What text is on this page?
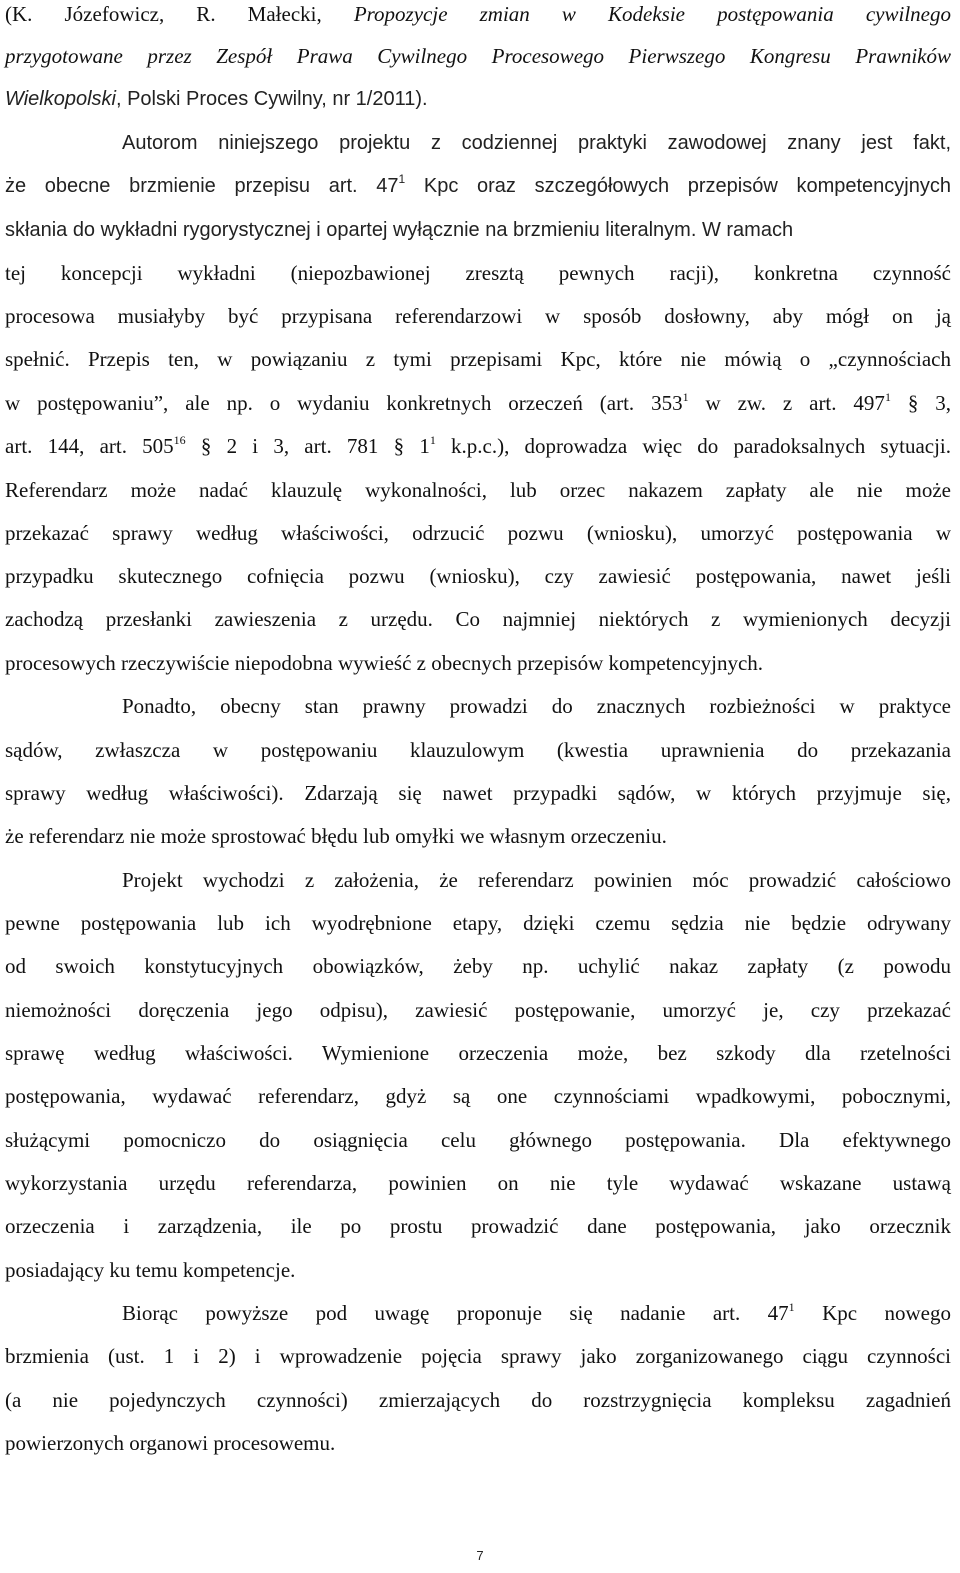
(K. Józefowicz, R. Małecki, Propozycje zmian w Kodeksie postępowania cywilnego

przygotowane przez Zespół Prawa Cywilnego Procesowego Pierwszego Kongresu Prawników

Wielkopolski, Polski Proces Cywilny, nr 1/2011).

Autorom niniejszego projektu z codziennej praktyki zawodowej znany jest fakt,

że obecne brzmienie przepisu art. $47^1$ Kpc oraz szczegółowych przepisów kompetencyjnych

skłania do wykładni rygorystycznej i opartej wyłącznie na brzmieniu literalnym. W ramach

tej koncepcji wykładni (niepozbawionej zresztą pewnych racji), konkretna czynność

procesowa musiałyby być przypisana referendarzowi w sposób dosłowny, aby mógł on ją

spełnić. Przepis ten, w powiązaniu z tymi przepisami Kpc, które nie mówią o „czynnościach

w postępowaniu”, ale np. o wydaniu konkretnych orzeczeń (art. $353^1$ w zw. z art. $497^1$ § 3,

art. 144, art. $505^{16}$ § 2 i 3, art. 781 § $1^1$ k.p.c.), doprowadza więc do paradoksalnych sytuacji.

Referendarz może nadać klauzulę wykonalności, lub orzec nakazem zapłaty ale nie może

przekazać sprawy według właściwości, odrzucić pozwu (wniosku), umorzyć postępowania w

przypadku skutecznego cofnięcia pozwu (wniosku), czy zawiesić postępowania, nawet jeśli

zachodzą przesłanki zawieszenia z urzędu. Co najmniej niektórych z wymienionych decyzji

procesowych rzeczywiście niepodobna wywieść z obecnych przepisów kompetencyjnych.

Ponadto, obecny stan prawny prowadzi do znacznych rozbieżności w praktyce

sądów, zwłaszcza w postępowaniu klauzulowym (kwestia uprawnienia do przekazania

sprawy według właściwości). Zdarzają się nawet przypadki sądów, w których przyjmuje się,

że referendarz nie może sprostować błędu lub omyłki we własnym orzeczeniu.

Projekt wychodzi z założenia, że referendarz powinien móc prowadzić całościowo

pewne postępowania lub ich wyodrębnione etapy, dzięki czemu sędzia nie będzie odrywany

od swoich konstytucyjnych obowiązków, żeby np. uchylić nakaz zapłaty (z powodu

niemożności doręczenia jego odpisu), zawiesić postępowanie, umorzyć je, czy przekazać

sprawę według właściwości. Wymienione orzeczenia może, bez szkody dla rzetelności

postępowania, wydawać referendarz, gdyż są one czynnościami wpadkowymi, pobocznymi,

służącymi pomocniczo do osiągnięcia celu głównego postępowania. Dla efektywnego

wykorzystania urzędu referendarza, powinien on nie tyle wydawać wskazane ustawą

orzeczenia i zarządzenia, ile po prostu prowadzić dane postępowania, jako orzecznik

posiadający ku temu kompetencje.

Biorąc powyższe pod uwagę proponuje się nadanie art. $47^1$ Kpc nowego

brzmienia (ust. 1 i 2) i wprowadzenie pojęcia sprawy jako zorganizowanego ciągu czynności

(a nie pojedynczych czynności) zmierzających do rozstrzygnięcia kompleksu zagadnień

powierzonych organowi procesowemu.

7
